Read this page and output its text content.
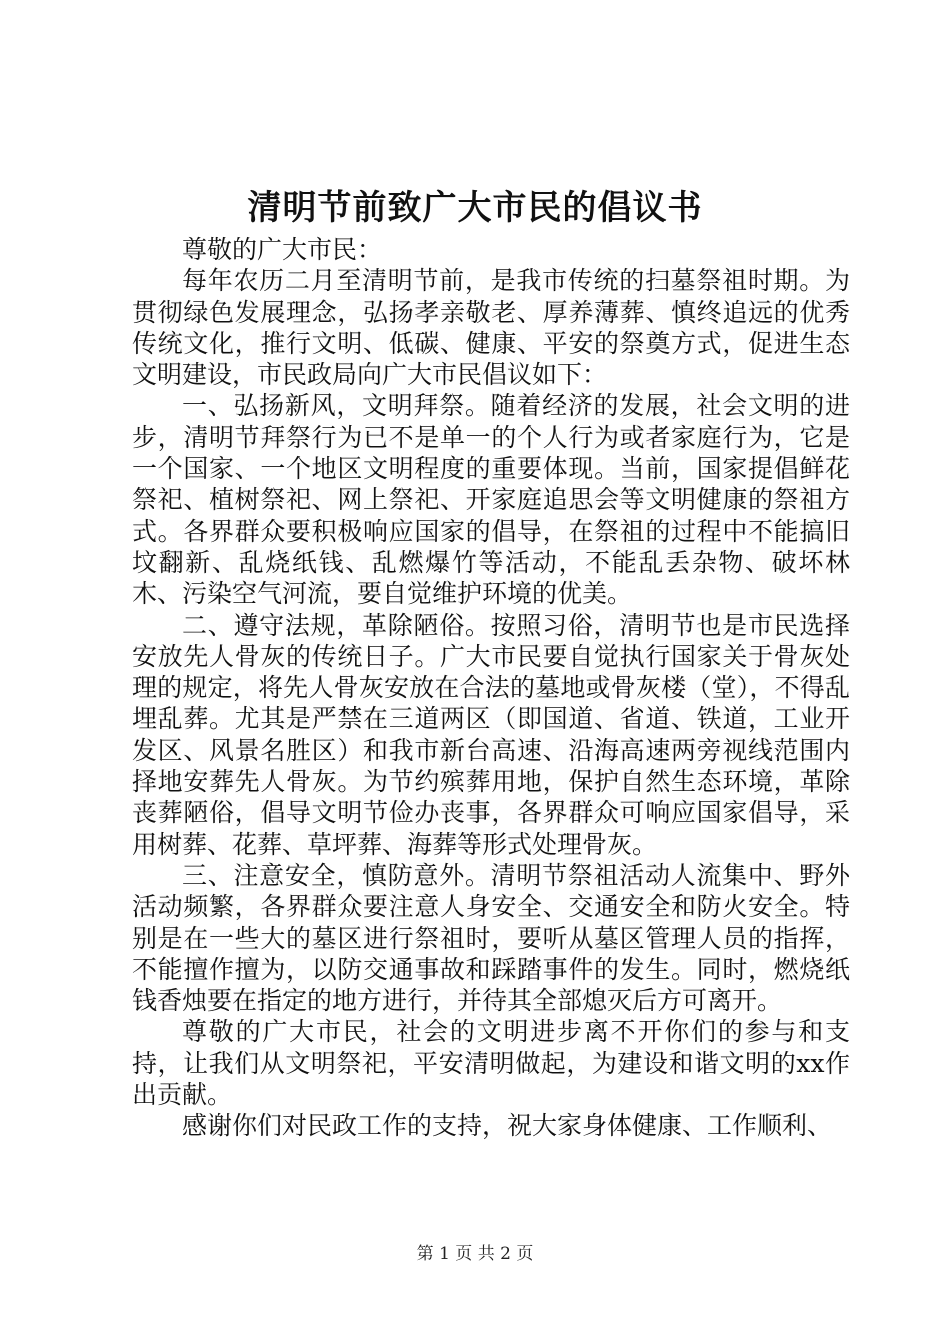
清明节前致广大市民的倡议书

尊敬的广大市民：

每年农历二月至清明节前，是我市传统的扫墓祭祖时期。为贯彻绿色发展理念，弘扬孝亲敬老、厚养薄葬、慎终追远的优秀传统文化，推行文明、低碳、健康、平安的祭奠方式，促进生态文明建设，市民政局向广大市民倡议如下：

一、弘扬新风，文明拜祭。随着经济的发展，社会文明的进步，清明节拜祭行为已不是单一的个人行为或者家庭行为，它是一个国家、一个地区文明程度的重要体现。当前，国家提倡鲜花祭祀、植树祭祀、网上祭祀、开家庭追思会等文明健康的祭祖方式。各界群众要积极响应国家的倡导，在祭祖的过程中不能搞旧坟翻新、乱烧纸钱、乱燃爆竹等活动，不能乱丢杂物、破坏林木、污染空气河流，要自觉维护环境的优美。

二、遵守法规，革除陋俗。按照习俗，清明节也是市民选择安放先人骨灰的传统日子。广大市民要自觉执行国家关于骨灰处理的规定，将先人骨灰安放在合法的墓地或骨灰楼（堂），不得乱埋乱葬。尤其是严禁在三道两区（即国道、省道、铁道，工业开发区、风景名胜区）和我市新台高速、沿海高速两旁视线范围内择地安葬先人骨灰。为节约殡葬用地，保护自然生态环境，革除丧葬陋俗，倡导文明节俭办丧事，各界群众可响应国家倡导，采用树葬、花葬、草坪葬、海葬等形式处理骨灰。

三、注意安全，慎防意外。清明节祭祖活动人流集中、野外活动频繁，各界群众要注意人身安全、交通安全和防火安全。特别是在一些大的墓区进行祭祖时，要听从墓区管理人员的指挥，不能擅作擅为，以防交通事故和踩踏事件的发生。同时，燃烧纸钱香烛要在指定的地方进行，并待其全部熄灭后方可离开。

尊敬的广大市民，社会的文明进步离不开你们的参与和支持，让我们从文明祭祀，平安清明做起，为建设和谐文明的xx作出贡献。

感谢你们对民政工作的支持，祝大家身体健康、工作顺利、

第 1 页 共 2 页
